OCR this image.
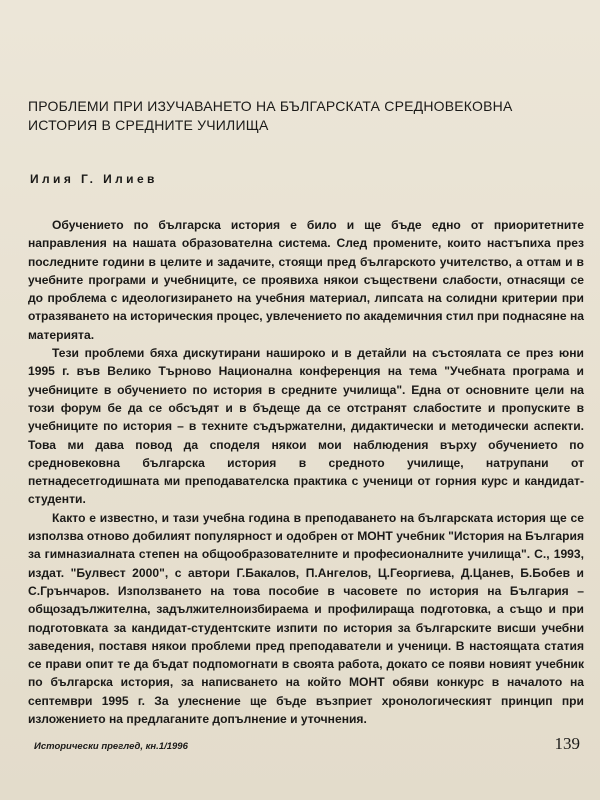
ПРОБЛЕМИ ПРИ ИЗУЧАВАНЕТО НА БЪЛГАРСКАТА СРЕДНОВЕКОВНА
ИСТОРИЯ В СРЕДНИТЕ УЧИЛИЩА
Илия Г. Илиев

Обучението по българска история е било и ще бъде едно от приоритетните направления на нашата образователна система. След промените, които настъпиха през последните години в целите и задачите, стоящи пред българското учителство, а оттам и в учебните програми и учебниците, се проявиха някои съществени слабости, отнасящи се до проблема с идеологизирането на учебния материал, липсата на солидни критерии при отразяването на историческия процес, увлечението по академичния стил при поднасяне на материята.

Тези проблеми бяха дискутирани нашироко и в детайли на състоялата се през юни 1995 г. във Велико Търново Национална конференция на тема "Учебната програма и учебниците в обучението по история в средните училища". Една от основните цели на този форум бе да се обсъдят и в бъдеще да се отстранят слабостите и пропуските в учебниците по история – в техните съдържателни, дидактически и методически аспекти. Това ми дава повод да споделя някои мои наблюдения върху обучението по средновековна българска история в средното училище, натрупани от петнадесетгодишната ми преподавателска практика с ученици от горния курс и кандидат-студенти.

Както е известно, и тази учебна година в преподаването на българската история ще се използва отново добилият популярност и одобрен от МОНТ учебник "История на България за гимназиалната степен на общообразователните и професионалните училища". С., 1993, издат. "Булвест 2000", с автори Г.Бакалов, П.Ангелов, Ц.Георгиева, Д.Цанев, Б.Бобев и С.Грънчаров. Използването на това пособие в часовете по история на България – общозадължителна, задължителноизбираема и профилираща подготовка, а също и при подготовката за кандидат-студентските изпити по история за българските висши учебни заведения, поставя някои проблеми пред преподаватели и ученици. В настоящата статия се прави опит те да бъдат подпомогнати в своята работа, докато се появи новият учебник по българска история, за написването на който МОНТ обяви конкурс в началото на септември 1995 г. За улеснение ще бъде възприет хронологическият принцип при изложението на предлаганите допълнение и уточнения.

Исторически преглед, кн.1/1996	139
